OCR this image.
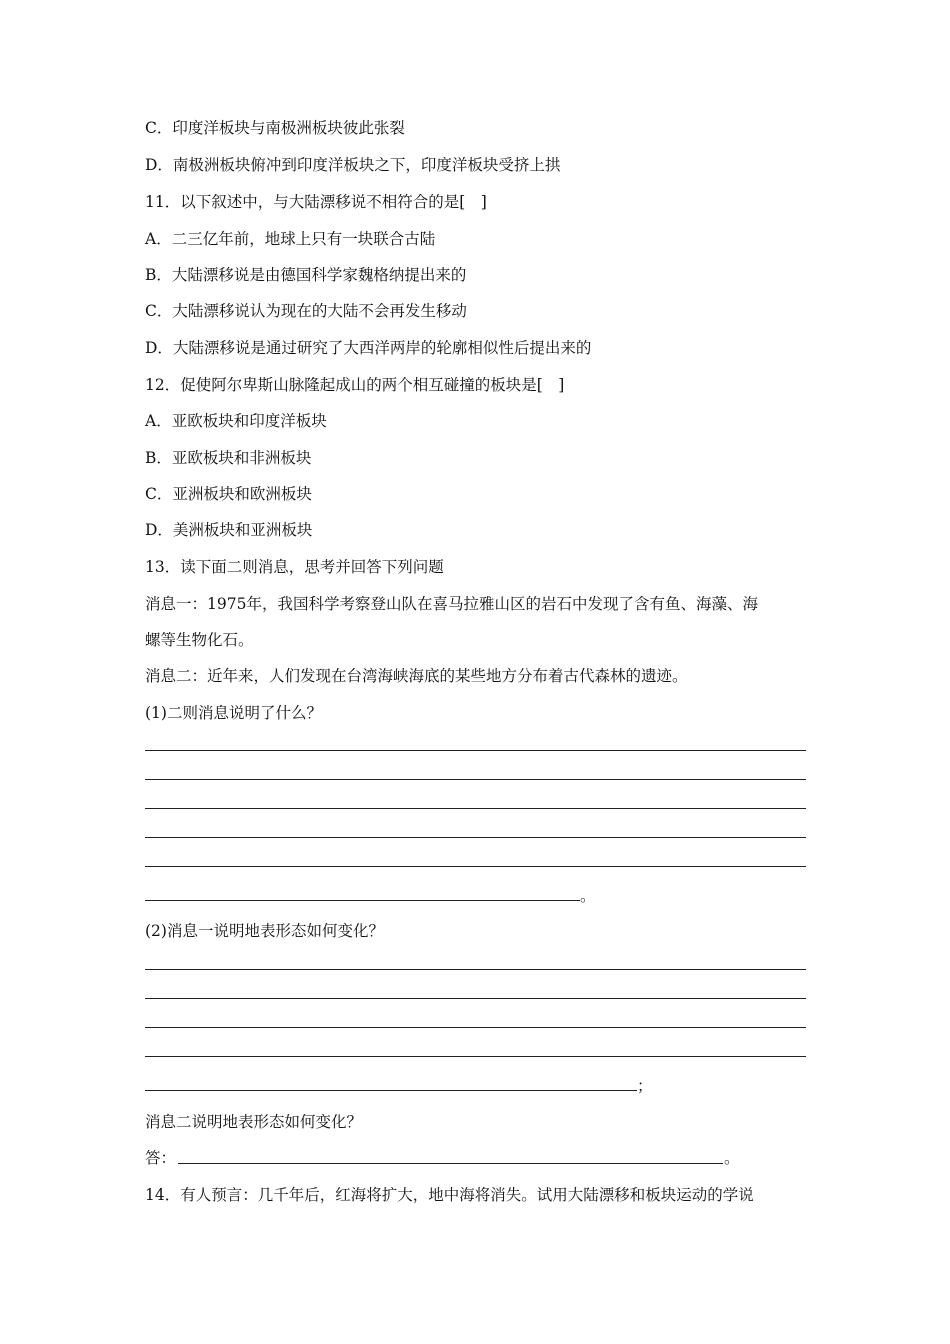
C．印度洋板块与南极洲板块彼此张裂
D．南极洲板块俯冲到印度洋板块之下，印度洋板块受挤上拱
11．以下叙述中，与大陆漂移说不相符合的是[　]
A．二三亿年前，地球上只有一块联合古陆
B．大陆漂移说是由德国科学家魏格纳提出来的
C．大陆漂移说认为现在的大陆不会再发生移动
D．大陆漂移说是通过研究了大西洋两岸的轮廓相似性后提出来的
12．促使阿尔卑斯山脉隆起成山的两个相互碰撞的板块是[　]
A．亚欧板块和印度洋板块
B．亚欧板块和非洲板块
C．亚洲板块和欧洲板块
D．美洲板块和亚洲板块
13．读下面二则消息，思考并回答下列问题
消息一：1975年，我国科学考察登山队在喜马拉雅山区的岩石中发现了含有鱼、海藻、海
螺等生物化石。
消息二：近年来，人们发现在台湾海峡海底的某些地方分布着古代森林的遗迹。
(1)二则消息说明了什么？
。
(2)消息一说明地表形态如何变化？
；
消息二说明地表形态如何变化？
答：	。
14．有人预言：几千年后，红海将扩大，地中海将消失。试用大陆漂移和板块运动的学说
